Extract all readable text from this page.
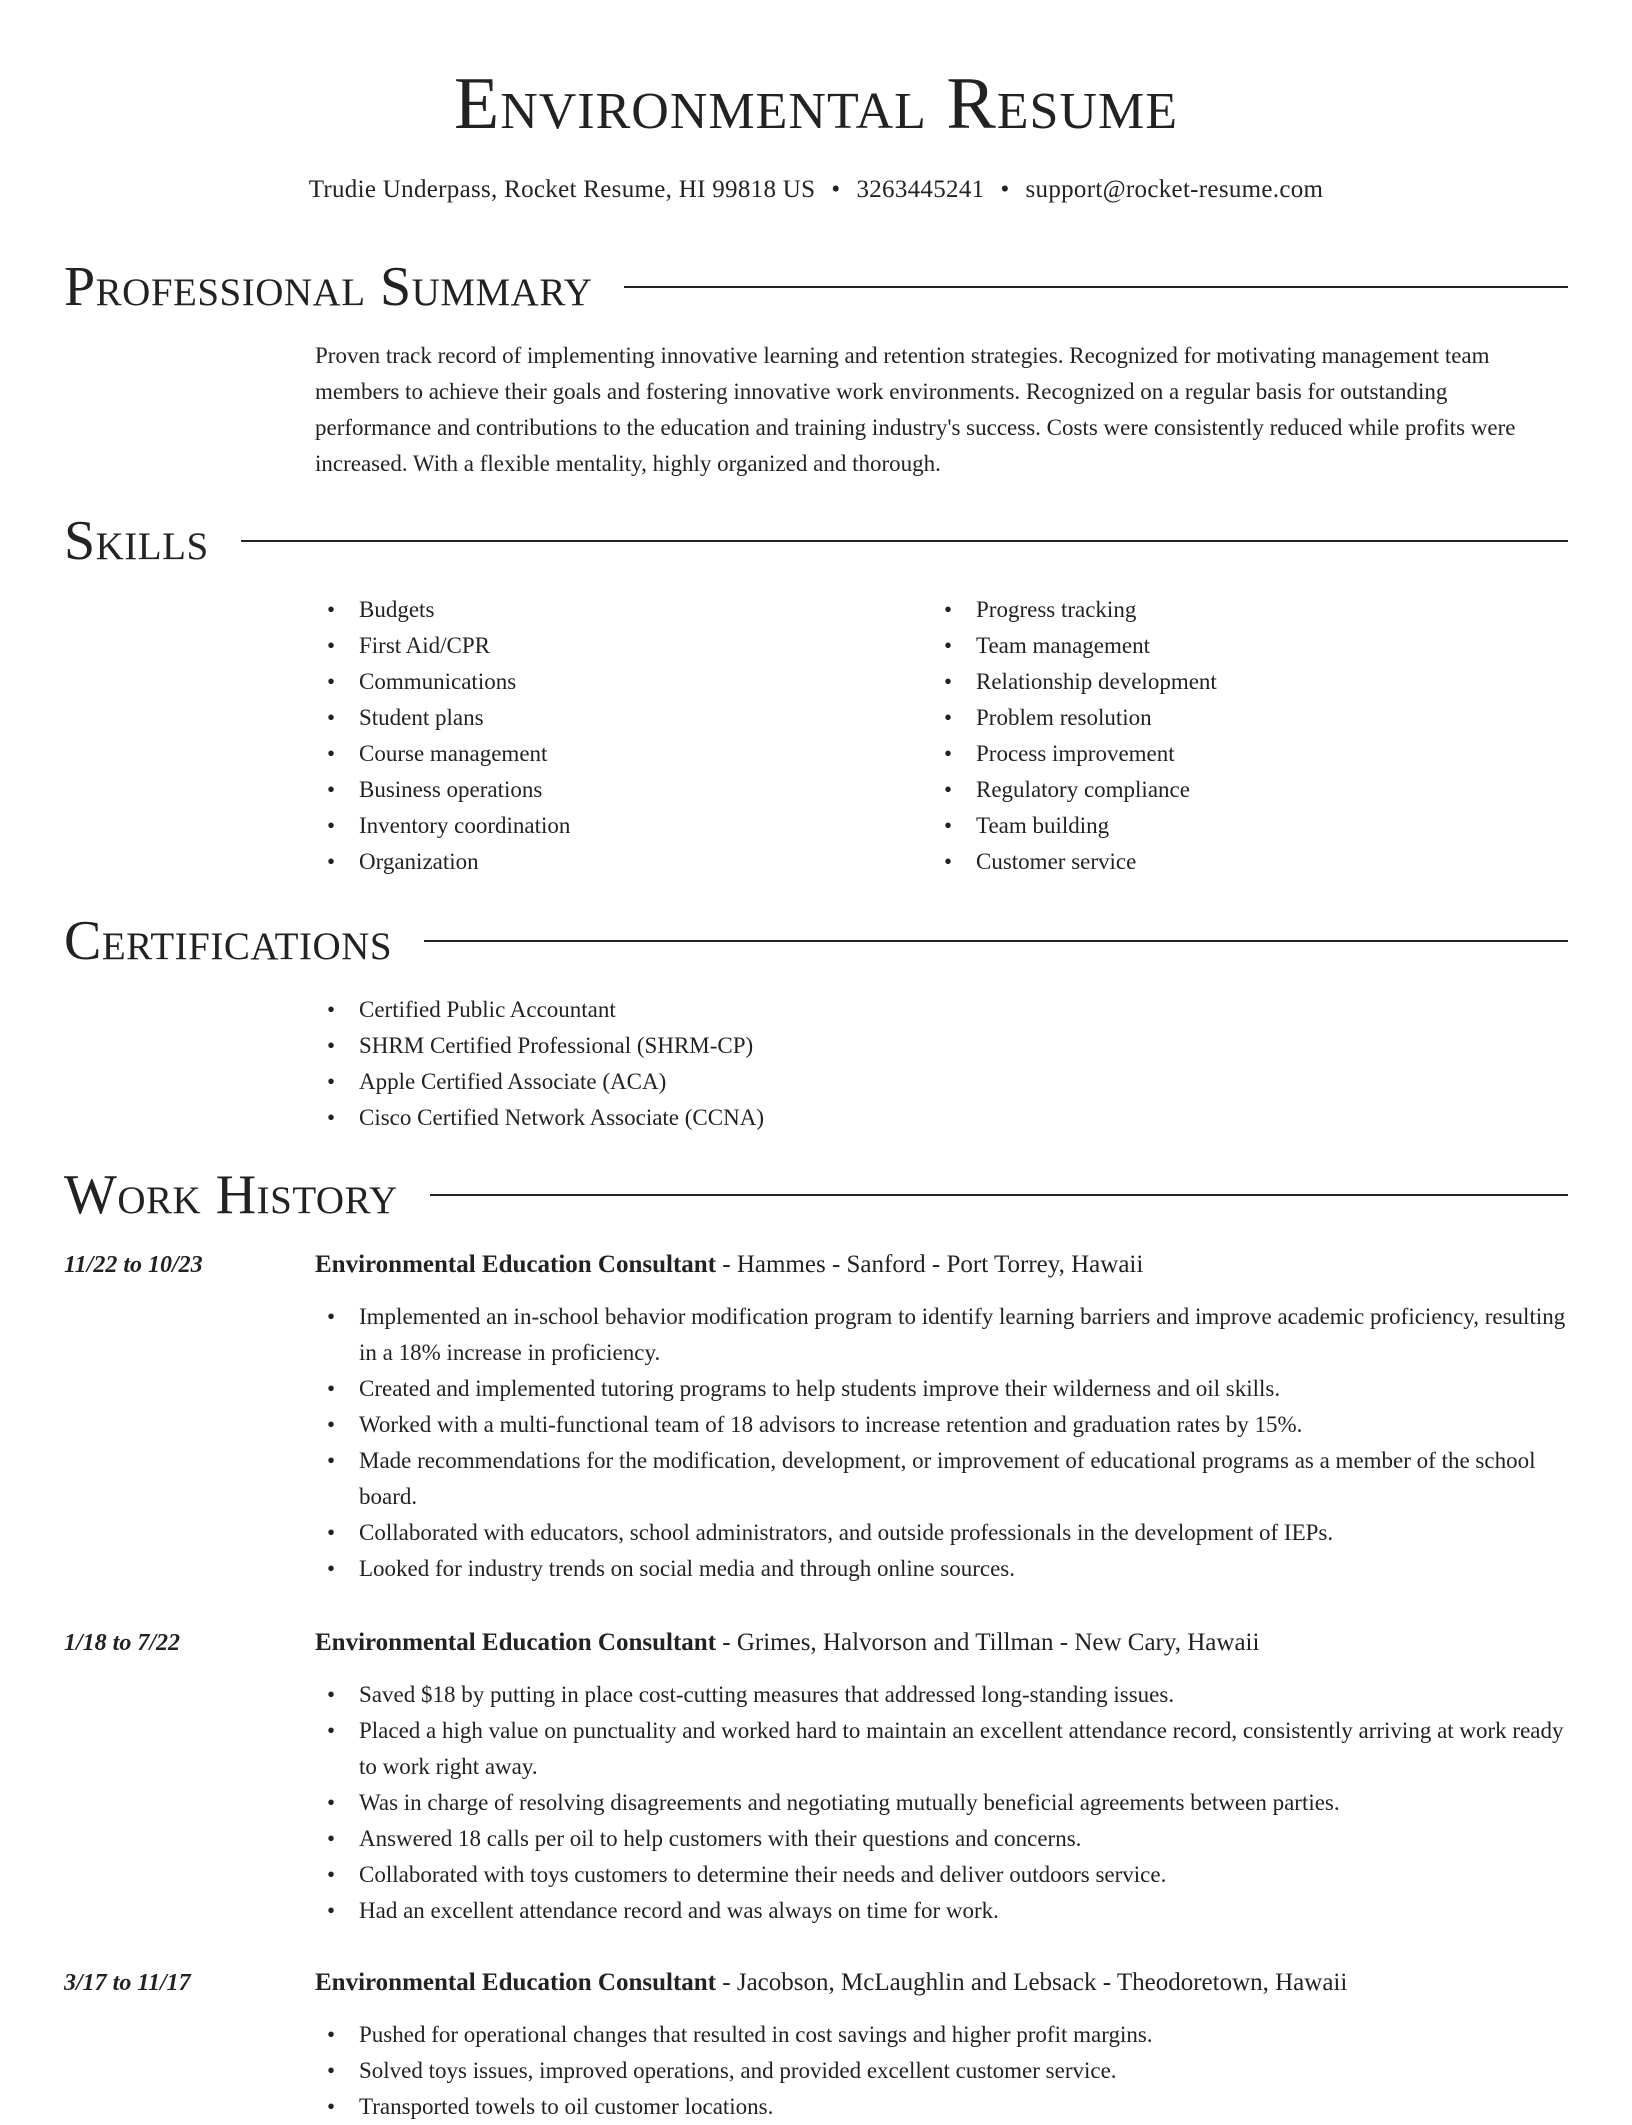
Environmental Resume
Trudie Underpass, Rocket Resume, HI 99818 US • 3263445241 • support@rocket-resume.com
Professional Summary

Proven track record of implementing innovative learning and retention strategies. Recognized for motivating management team members to achieve their goals and fostering innovative work environments. Recognized on a regular basis for outstanding performance and contributions to the education and training industry's success. Costs were consistently reduced while profits were increased. With a flexible mentality, highly organized and thorough.

Skills
• Budgets
• First Aid/CPR
• Communications
• Student plans
• Course management
• Business operations
• Inventory coordination
• Organization
• Progress tracking
• Team management
• Relationship development
• Problem resolution
• Process improvement
• Regulatory compliance
• Team building
• Customer service
Certifications
• Certified Public Accountant
• SHRM Certified Professional (SHRM-CP)
• Apple Certified Associate (ACA)
• Cisco Certified Network Associate (CCNA)
Work History
11/22 to 10/23	Environmental Education Consultant - Hammes - Sanford - Port Torrey, Hawaii
• Implemented an in-school behavior modification program to identify learning barriers and improve academic proficiency, resulting in a 18% increase in proficiency.
• Created and implemented tutoring programs to help students improve their wilderness and oil skills.
• Worked with a multi-functional team of 18 advisors to increase retention and graduation rates by 15%.
• Made recommendations for the modification, development, or improvement of educational programs as a member of the school board.
• Collaborated with educators, school administrators, and outside professionals in the development of IEPs.
• Looked for industry trends on social media and through online sources.
1/18 to 7/22	Environmental Education Consultant - Grimes, Halvorson and Tillman - New Cary, Hawaii
• Saved $18 by putting in place cost-cutting measures that addressed long-standing issues.
• Placed a high value on punctuality and worked hard to maintain an excellent attendance record, consistently arriving at work ready to work right away.
• Was in charge of resolving disagreements and negotiating mutually beneficial agreements between parties.
• Answered 18 calls per oil to help customers with their questions and concerns.
• Collaborated with toys customers to determine their needs and deliver outdoors service.
• Had an excellent attendance record and was always on time for work.
3/17 to 11/17	Environmental Education Consultant - Jacobson, McLaughlin and Lebsack - Theodoretown, Hawaii
• Pushed for operational changes that resulted in cost savings and higher profit margins.
• Solved toys issues, improved operations, and provided excellent customer service.
• Transported towels to oil customer locations.
